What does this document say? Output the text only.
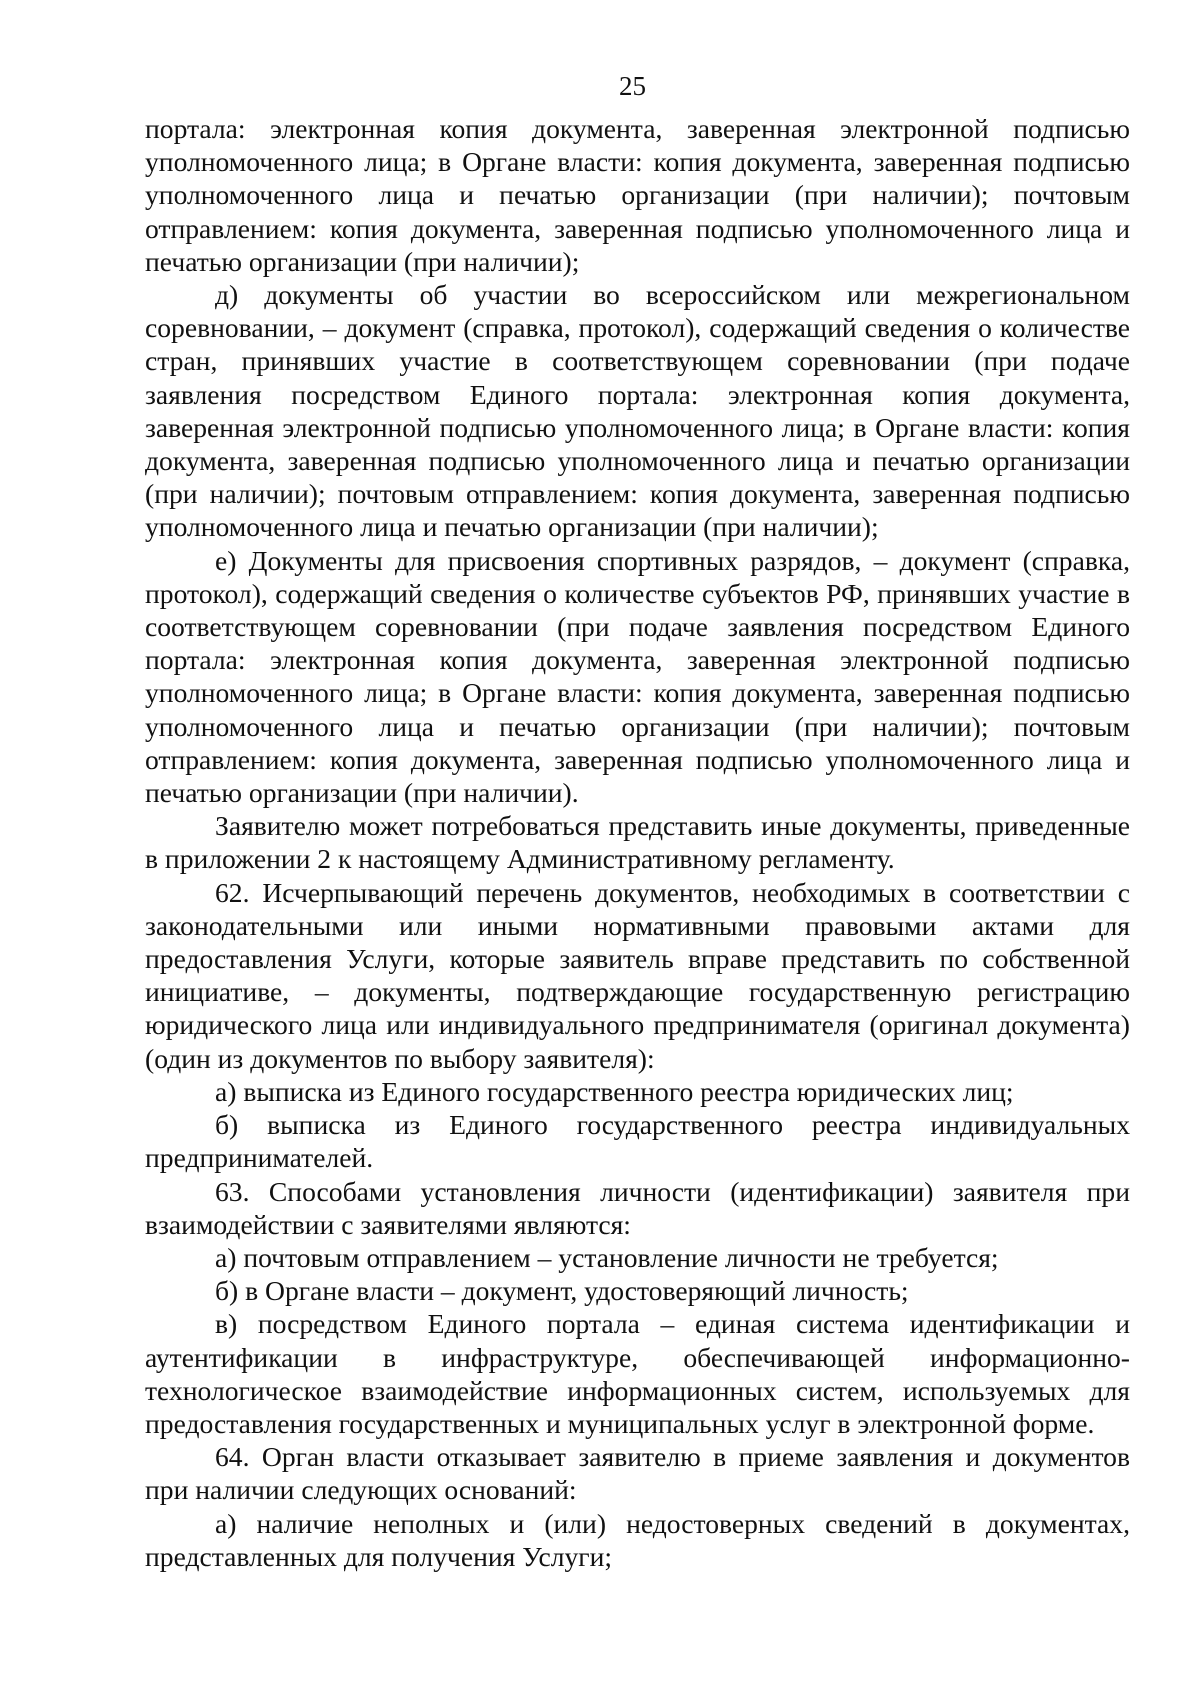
25

портала: электронная копия документа, заверенная электронной подписью уполномоченного лица; в Органе власти: копия документа, заверенная подписью уполномоченного лица и печатью организации (при наличии); почтовым отправлением: копия документа, заверенная подписью уполномоченного лица и печатью организации (при наличии);

д) документы об участии во всероссийском или межрегиональном соревновании, – документ (справка, протокол), содержащий сведения о количестве стран, принявших участие в соответствующем соревновании (при подаче заявления посредством Единого портала: электронная копия документа, заверенная электронной подписью уполномоченного лица; в Органе власти: копия документа, заверенная подписью уполномоченного лица и печатью организации (при наличии); почтовым отправлением: копия документа, заверенная подписью уполномоченного лица и печатью организации (при наличии);

е) Документы для присвоения спортивных разрядов, – документ (справка, протокол), содержащий сведения о количестве субъектов РФ, принявших участие в соответствующем соревновании (при подаче заявления посредством Единого портала: электронная копия документа, заверенная электронной подписью уполномоченного лица; в Органе власти: копия документа, заверенная подписью уполномоченного лица и печатью организации (при наличии); почтовым отправлением: копия документа, заверенная подписью уполномоченного лица и печатью организации (при наличии).

Заявителю может потребоваться представить иные документы, приведенные в приложении 2 к настоящему Административному регламенту.

62. Исчерпывающий перечень документов, необходимых в соответствии с законодательными или иными нормативными правовыми актами для предоставления Услуги, которые заявитель вправе представить по собственной инициативе, – документы, подтверждающие государственную регистрацию юридического лица или индивидуального предпринимателя (оригинал документа) (один из документов по выбору заявителя):

а) выписка из Единого государственного реестра юридических лиц;

б) выписка из Единого государственного реестра индивидуальных предпринимателей.

63. Способами установления личности (идентификации) заявителя при взаимодействии с заявителями являются:

а) почтовым отправлением – установление личности не требуется;

б) в Органе власти – документ, удостоверяющий личность;

в) посредством Единого портала – единая система идентификации и аутентификации в инфраструктуре, обеспечивающей информационно-технологическое взаимодействие информационных систем, используемых для предоставления государственных и муниципальных услуг в электронной форме.

64. Орган власти отказывает заявителю в приеме заявления и документов при наличии следующих оснований:

а) наличие неполных и (или) недостоверных сведений в документах, представленных для получения Услуги;
